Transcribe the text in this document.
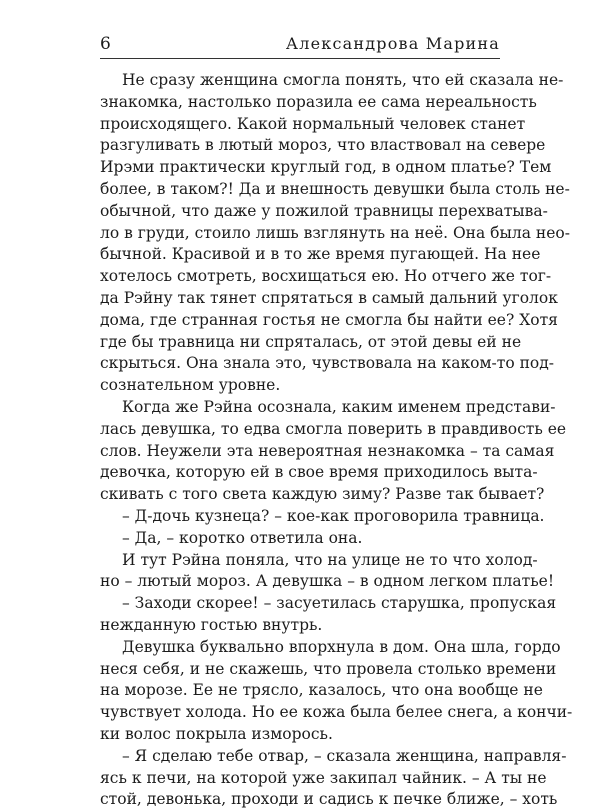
6	Александрова Марина

Не сразу женщина смогла понять, что ей сказала не-
знакомка, настолько поразила ее сама нереальность
происходящего. Какой нормальный человек станет
разгуливать в лютый мороз, что властвовал на севере
Ирэми практически круглый год, в одном платье? Тем
более, в таком?! Да и внешность девушки была столь не-
обычной, что даже у пожилой травницы перехватыва-
ло в груди, стоило лишь взглянуть на неё. Она была нео-
бычной. Красивой и в то же время пугающей. На нее
хотелось смотреть, восхищаться ею. Но отчего же тог-
да Рэйну так тянет спрятаться в самый дальний уголок
дома, где странная гостья не смогла бы найти ее? Хотя
где бы травница ни спряталась, от этой девы ей не
скрыться. Она знала это, чувствовала на каком-то под-
сознательном уровне.

Когда же Рэйна осознала, каким именем представи-
лась девушка, то едва смогла поверить в правдивость ее
слов. Неужели эта невероятная незнакомка – та самая
девочка, которую ей в свое время приходилось выта-
скивать с того света каждую зиму? Разве так бывает?

– Д-дочь кузнеца? – кое-как проговорила травница.

– Да, – коротко ответила она.

И тут Рэйна поняла, что на улице не то что холод-
но – лютый мороз. А девушка – в одном легком платье!

– Заходи скорее! – засуетилась старушка, пропуская
нежданную гостью внутрь.

Девушка буквально впорхнула в дом. Она шла, гордо
неся себя, и не скажешь, что провела столько времени
на морозе. Ее не трясло, казалось, что она вообще не
чувствует холода. Но ее кожа была белее снега, а кончи-
ки волос покрыла изморось.

– Я сделаю тебе отвар, – сказала женщина, направля-
ясь к печи, на которой уже закипал чайник. – А ты не
стой, девонька, проходи и садись к печке ближе, – хоть
